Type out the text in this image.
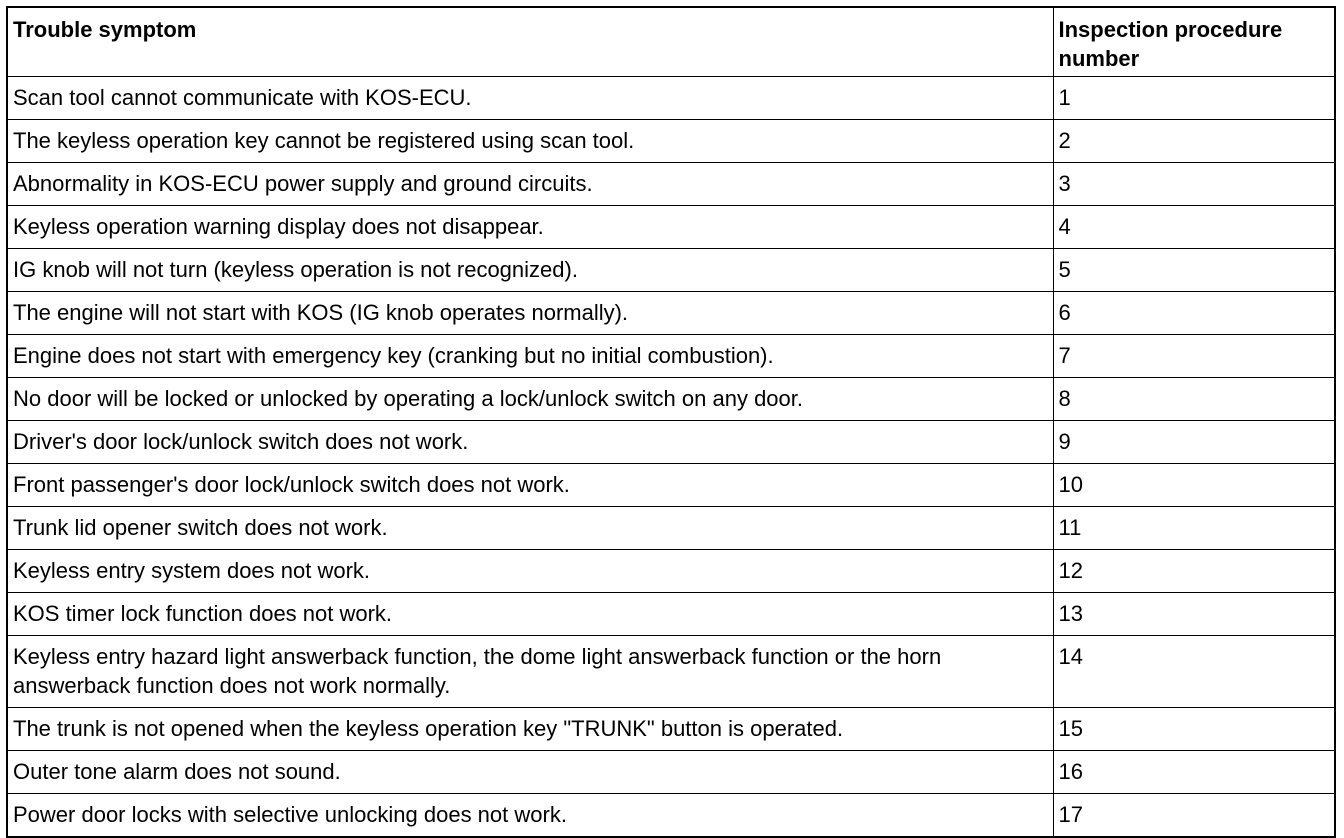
Trouble symptom	Inspection procedure number
Scan tool cannot communicate with KOS-ECU.	1
The keyless operation key cannot be registered using scan tool.	2
Abnormality in KOS-ECU power supply and ground circuits.	3
Keyless operation warning display does not disappear.	4
IG knob will not turn (keyless operation is not recognized).	5
The engine will not start with KOS (IG knob operates normally).	6
Engine does not start with emergency key (cranking but no initial combustion).	7
No door will be locked or unlocked by operating a lock/unlock switch on any door.	8
Driver's door lock/unlock switch does not work.	9
Front passenger's door lock/unlock switch does not work.	10
Trunk lid opener switch does not work.	11
Keyless entry system does not work.	12
KOS timer lock function does not work.	13
Keyless entry hazard light answerback function, the dome light answerback function or the horn answerback function does not work normally.	14
The trunk is not opened when the keyless operation key "TRUNK" button is operated.	15
Outer tone alarm does not sound.	16
Power door locks with selective unlocking does not work.	17
